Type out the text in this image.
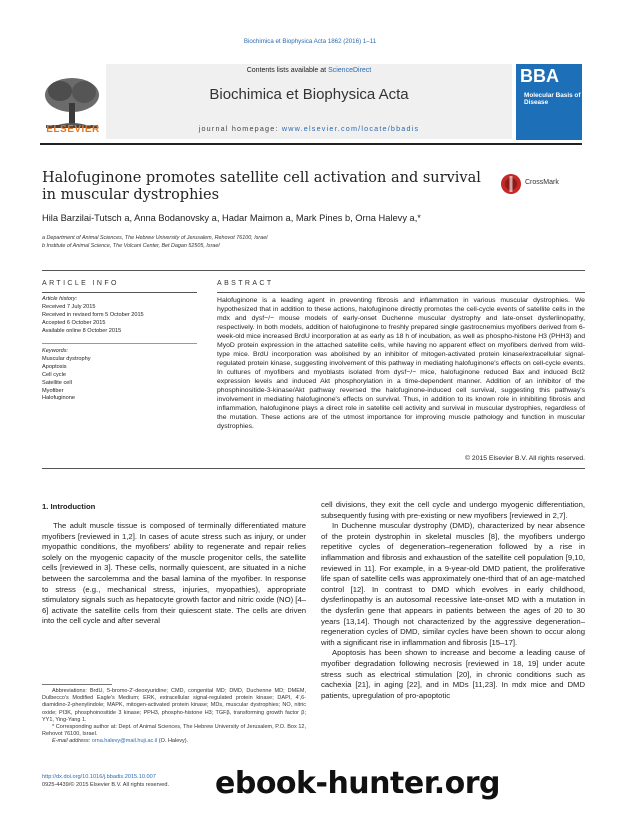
Biochimica et Biophysica Acta 1862 (2016) 1–11
Contents lists available at ScienceDirect
Biochimica et Biophysica Acta
journal homepage: www.elsevier.com/locate/bbadis
ELSEVIER
BBA
Molecular Basis of Disease
Halofuginone promotes satellite cell activation and survival in muscular dystrophies
CrossMark
Hila Barzilai-Tutsch a, Anna Bodanovsky a, Hadar Maimon a, Mark Pines b, Orna Halevy a,*
a Department of Animal Sciences, The Hebrew University of Jerusalem, Rehovot 76100, Israel
b Institute of Animal Science, The Volcani Center, Bet Dagan 52505, Israel
ARTICLE INFO	ABSTRACT
Article history:
Received 7 July 2015
Received in revised form 5 October 2015
Accepted 6 October 2015
Available online 8 October 2015
Keywords:
Muscular dystrophy
Apoptosis
Cell cycle
Satellite cell
Myofiber
Halofuginone
Halofuginone is a leading agent in preventing fibrosis and inflammation in various muscular dystrophies. We hypothesized that in addition to these actions, halofuginone directly promotes the cell-cycle events of satellite cells in the mdx and dysf−/− mouse models of early-onset Duchenne muscular dystrophy and late-onset dysferlinopathy, respectively. In both models, addition of halofuginone to freshly prepared single gastrocnemius myofibers derived from 6-week-old mice increased BrdU incorporation at as early as 18 h of incubation, as well as phospho-histone H3 (PHH3) and MyoD protein expression in the attached satellite cells, while having no apparent effect on myofibers derived from wild-type mice. BrdU incorporation was abolished by an inhibitor of mitogen-activated protein kinase/extracellular signal-regulated protein kinase, suggesting involvement of this pathway in mediating halofuginone's effects on cell-cycle events. In cultures of myofibers and myoblasts isolated from dysf−/− mice, halofuginone reduced Bax and induced Bcl2 expression levels and induced Akt phosphorylation in a time-dependent manner. Addition of an inhibitor of the phosphinositide-3-kinase/Akt pathway reversed the halofuginone-induced cell survival, suggesting this pathway's involvement in mediating halofuginone's effects on survival. Thus, in addition to its known role in inhibiting fibrosis and inflammation, halofuginone plays a direct role in satellite cell activity and survival in muscular dystrophies, regardless of the mutation. These actions are of the utmost importance for improving muscle pathology and function in muscular dystrophies.
© 2015 Elsevier B.V. All rights reserved.
1. Introduction

The adult muscle tissue is composed of terminally differentiated mature myofibers [reviewed in 1,2]. In cases of acute stress such as injury, or under myopathic conditions, the myofibers' ability to regenerate and repair relies solely on the myogenic capacity of the muscle progenitor cells, the satellite cells [reviewed in 3]. These cells, normally quiescent, are situated in a niche between the sarcolemma and the basal lamina of the myofiber. In response to stress (e.g., mechanical stress, injuries, myopathies), appropriate stimulatory signals such as hepatocyte growth factor and nitric oxide (NO) [4–6] activate the satellite cells from their quiescent state. The cells are driven into the cell cycle and after several

Abbreviations: BrdU, 5-bromo-2'-deoxyuridine; CMD, congenital MD; DMD, Duchenne MD; DMEM, Dulbecco's Modified Eagle's Medium; ERK, extracellular signal-regulated protein kinase; DAPI, 4',6-diamidino-2-phenylindole; MAPK, mitogen-activated protein kinase; MDs, muscular dystrophies; NO, nitric oxide; PI3K, phosphoinositide 3 kinase; PPH3, phospho-histone H3; TGFβ, transforming growth factor β; YY1, Ying-Yang 1.
* Corresponding author at: Dept. of Animal Sciences, The Hebrew University of Jerusalem, P.O. Box 12, Rehovot 76100, Israel.
E-mail address: orna.halevy@mail.huji.ac.il (O. Halevy).

cell divisions, they exit the cell cycle and undergo myogenic differentiation, subsequently fusing with pre-existing or new myofibers [reviewed in 2,7].

In Duchenne muscular dystrophy (DMD), characterized by near absence of the protein dystrophin in skeletal muscles [8], the myofibers undergo repetitive cycles of degeneration–regeneration followed by a rise in inflammation and fibrosis and exhaustion of the satellite cell population [9,10, reviewed in 11]. For example, in a 9-year-old DMD patient, the proliferative life span of satellite cells was approximately one-third that of an age-matched control [12]. In contrast to DMD which evolves in early childhood, dysferlinopathy is an autosomal recessive late-onset MD with a mutation in the dysferlin gene that appears in patients between the ages of 20 to 30 years [13,14]. Though not characterized by the aggressive degeneration–regeneration cycles of DMD, similar cycles have been shown to occur along with a significant rise in inflammation and fibrosis [15–17].

Apoptosis has been shown to increase and become a leading cause of myofiber degradation following necrosis [reviewed in 18, 19] under acute stress such as electrical stimulation [20], in chronic conditions such as cachexia [21], in aging [22], and in MDs [11,23]. In mdx mice and DMD patients, upregulation of pro-apoptotic

http://dx.doi.org/10.1016/j.bbadis.2015.10.007
0925-4439/© 2015 Elsevier B.V. All rights reserved. ebook-hunter.org
